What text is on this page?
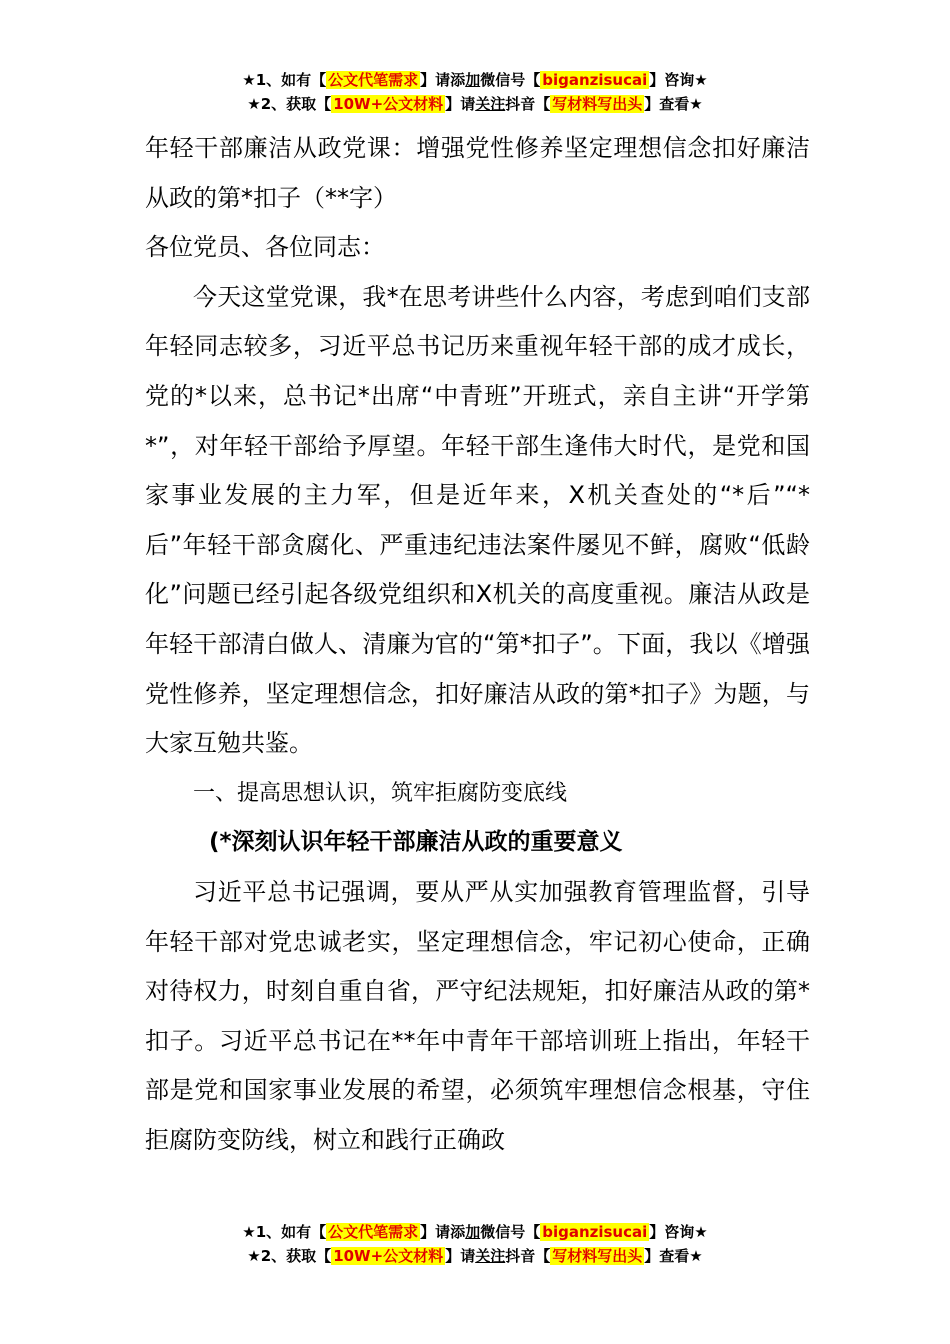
★1、如有【 公文代笔需求 】请添加微信号【 biganzisucai 】咨询★
★2、获取【 10W+公文材料 】请关注抖音【 写材料写出头 】查看★

年轻干部廉洁从政党课：增强党性修养坚定理想信念扣好廉洁从政的第*扣子（**字）

各位党员、各位同志：

今天这堂党课，我*在思考讲些什么内容，考虑到咱们支部年轻同志较多，习近平总书记历来重视年轻干部的成才成长，党的*以来，总书记*出席“中青班”开班式，亲自主讲“开学第*”，对年轻干部给予厚望。年轻干部生逢伟大时代，是党和国家事业发展的主力军，但是近年来，X机关查处的“*后”“*后”年轻干部贪腐化、严重违纪违法案件屡见不鲜，腐败“低龄化”问题已经引起各级党组织和X机关的高度重视。廉洁从政是年轻干部清白做人、清廉为官的“第*扣子”。下面，我以《增强党性修养，坚定理想信念，扣好廉洁从政的第*扣子》为题，与大家互勉共鉴。

一、提高思想认识，筑牢拒腐防变底线

(*深刻认识年轻干部廉洁从政的重要意义

习近平总书记强调，要从严从实加强教育管理监督，引导年轻干部对党忠诚老实，坚定理想信念，牢记初心使命，正确对待权力，时刻自重自省，严守纪法规矩，扣好廉洁从政的第*扣子。习近平总书记在**年中青年干部培训班上指出，年轻干部是党和国家事业发展的希望，必须筑牢理想信念根基，守住拒腐防变防线，树立和践行正确政

★1、如有【 公文代笔需求 】请添加微信号【 biganzisucai 】咨询★
★2、获取【 10W+公文材料 】请关注抖音【 写材料写出头 】查看★
